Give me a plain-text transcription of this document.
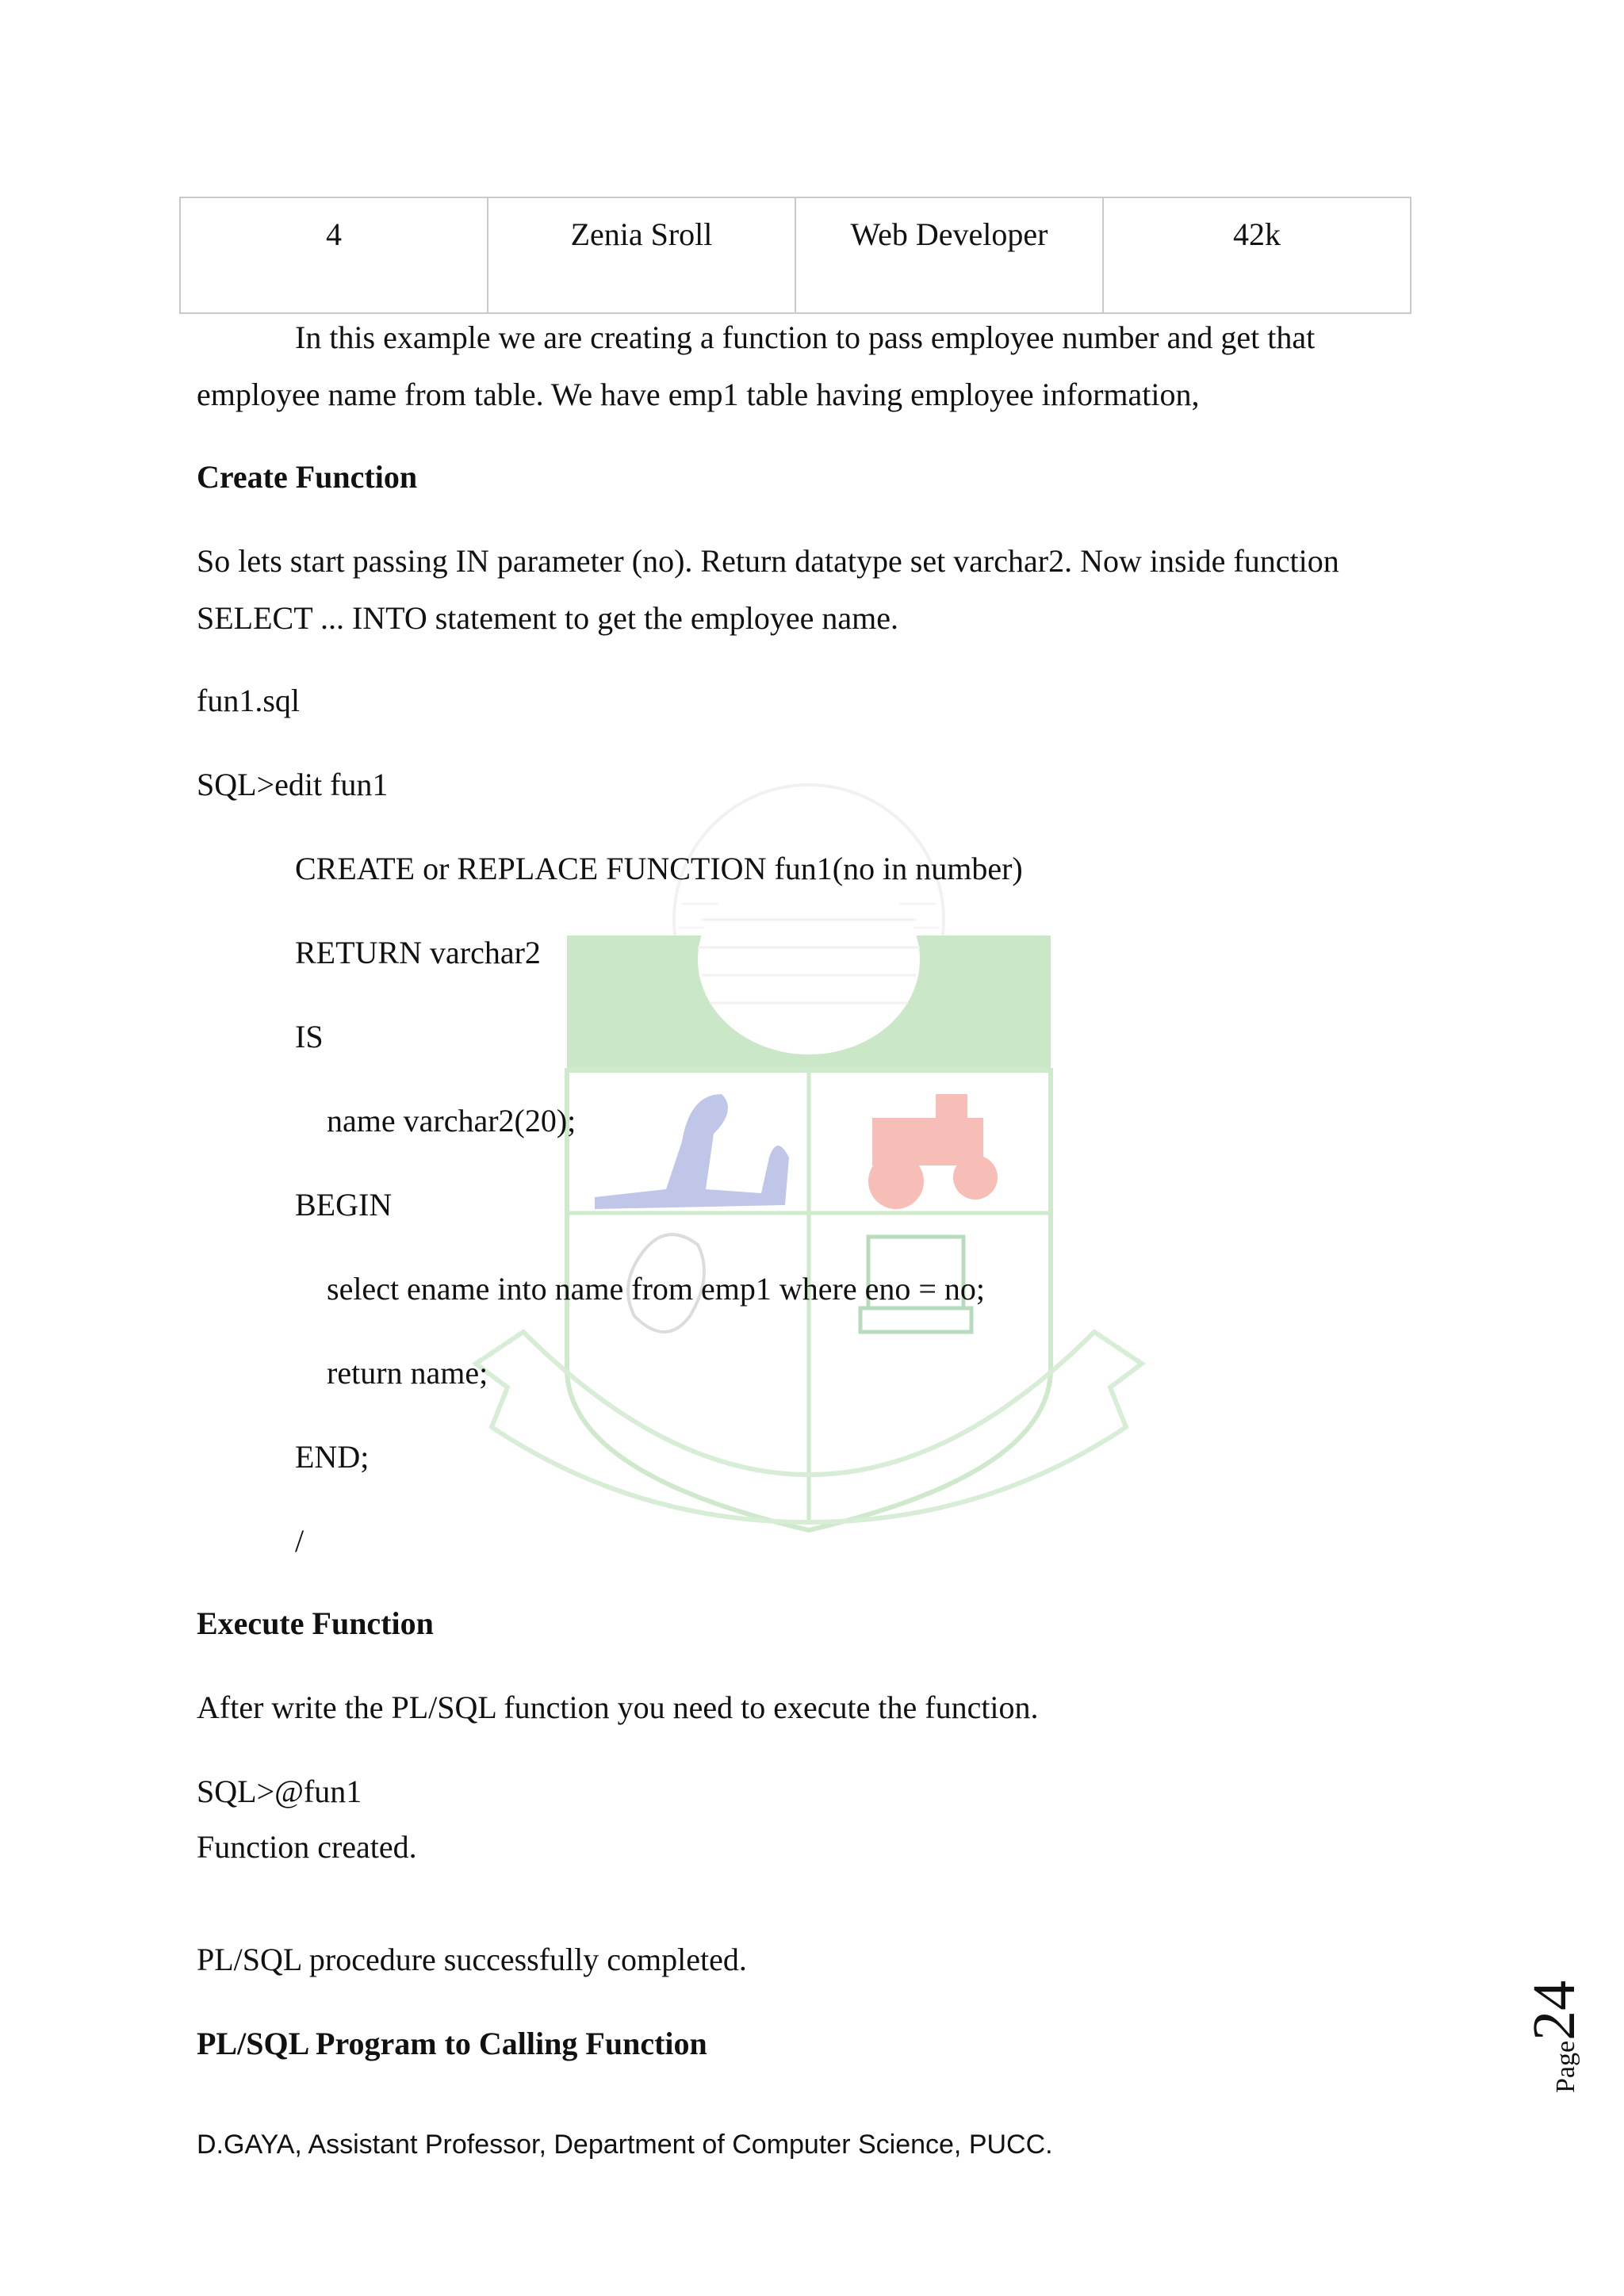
4	Zenia Sroll	Web Developer	42k
In this example we are creating a function to pass employee number and get that
employee name from table. We have emp1 table having employee information,
Create Function
So lets start passing IN parameter (no). Return datatype set varchar2. Now inside function
SELECT ... INTO statement to get the employee name.
fun1.sql
SQL>edit fun1
CREATE or REPLACE FUNCTION fun1(no in number)
RETURN varchar2
IS
name varchar2(20);
BEGIN
select ename into name from emp1 where eno = no;
return name;
END;
/
Execute Function
After write the PL/SQL function you need to execute the function.
SQL>@fun1
Function created.
PL/SQL procedure successfully completed.
PL/SQL Program to Calling Function
D.GAYA, Assistant Professor, Department of Computer Science, PUCC.
Page24
